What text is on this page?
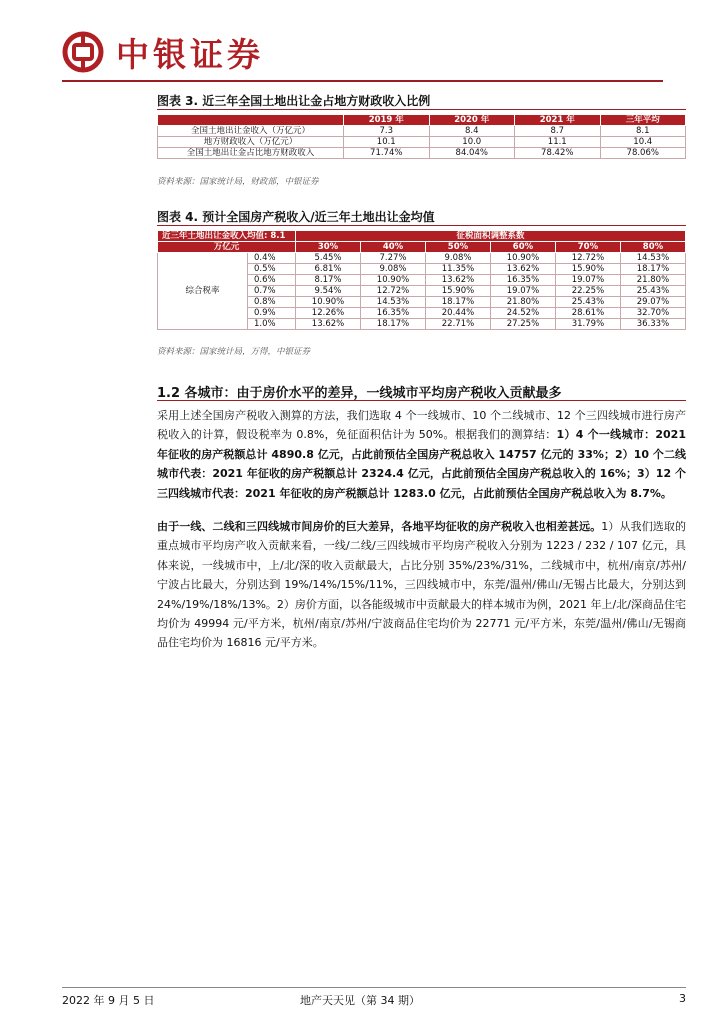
中银证券
图表 3. 近三年全国土地出让金占地方财政收入比例
	2019 年	2020 年	2021 年	三年平均
全国土地出让金收入（万亿元）	7.3	8.4	8.7	8.1
地方财政收入（万亿元）	10.1	10.0	11.1	10.4
全国土地出让金占比地方财政收入	71.74%	84.04%	78.42%	78.06%
资料来源：国家统计局，财政部，中银证券
图表 4. 预计全国房产税收入/近三年土地出让金均值
近三年土地出让金收入均值: 8.1		征税面积调整系数					
万亿元		30%	40%	50%	60%	70%	80%
综合税率	0.4%	5.45%	7.27%	9.08%	10.90%	12.72%	14.53%
	0.5%	6.81%	9.08%	11.35%	13.62%	15.90%	18.17%
	0.6%	8.17%	10.90%	13.62%	16.35%	19.07%	21.80%
	0.7%	9.54%	12.72%	15.90%	19.07%	22.25%	25.43%
	0.8%	10.90%	14.53%	18.17%	21.80%	25.43%	29.07%
	0.9%	12.26%	16.35%	20.44%	24.52%	28.61%	32.70%
	1.0%	13.62%	18.17%	22.71%	27.25%	31.79%	36.33%
资料来源：国家统计局，万得，中银证券
1.2 各城市：由于房价水平的差异，一线城市平均房产税收入贡献最多
采用上述全国房产税收入测算的方法，我们选取 4 个一线城市、10 个二线城市、12 个三四线城市进行房产税收入的计算，假设税率为 0.8%，免征面积估计为 50%。根据我们的测算结：1）4 个一线城市：2021 年征收的房产税额总计 4890.8 亿元，占此前预估全国房产税总收入 14757 亿元的 33%；2）10 个二线城市代表：2021 年征收的房产税额总计 2324.4 亿元，占此前预估全国房产税总收入的 16%；3）12 个三四线城市代表：2021 年征收的房产税额总计 1283.0 亿元，占此前预估全国房产税总收入为 8.7%。
由于一线、二线和三四线城市间房价的巨大差异，各地平均征收的房产税收入也相差甚远。1）从我们选取的重点城市平均房产收入贡献来看，一线/二线/三四线城市平均房产税收入分别为 1223 / 232 / 107 亿元，具体来说，一线城市中，上/北/深的收入贡献最大，占比分别 35%/23%/31%，二线城市中，杭州/南京/苏州/宁波占比最大，分别达到 19%/14%/15%/11%，三四线城市中，东莞/温州/佛山/无锡占比最大，分别达到 24%/19%/18%/13%。2）房价方面，以各能级城市中贡献最大的样本城市为例，2021 年上/北/深商品住宅均价为 49994 元/平方米，杭州/南京/苏州/宁波商品住宅均价为 22771 元/平方米，东莞/温州/佛山/无锡商品住宅均价为 16816 元/平方米。
2022 年 9 月 5 日	地产天天见（第 34 期）	3
